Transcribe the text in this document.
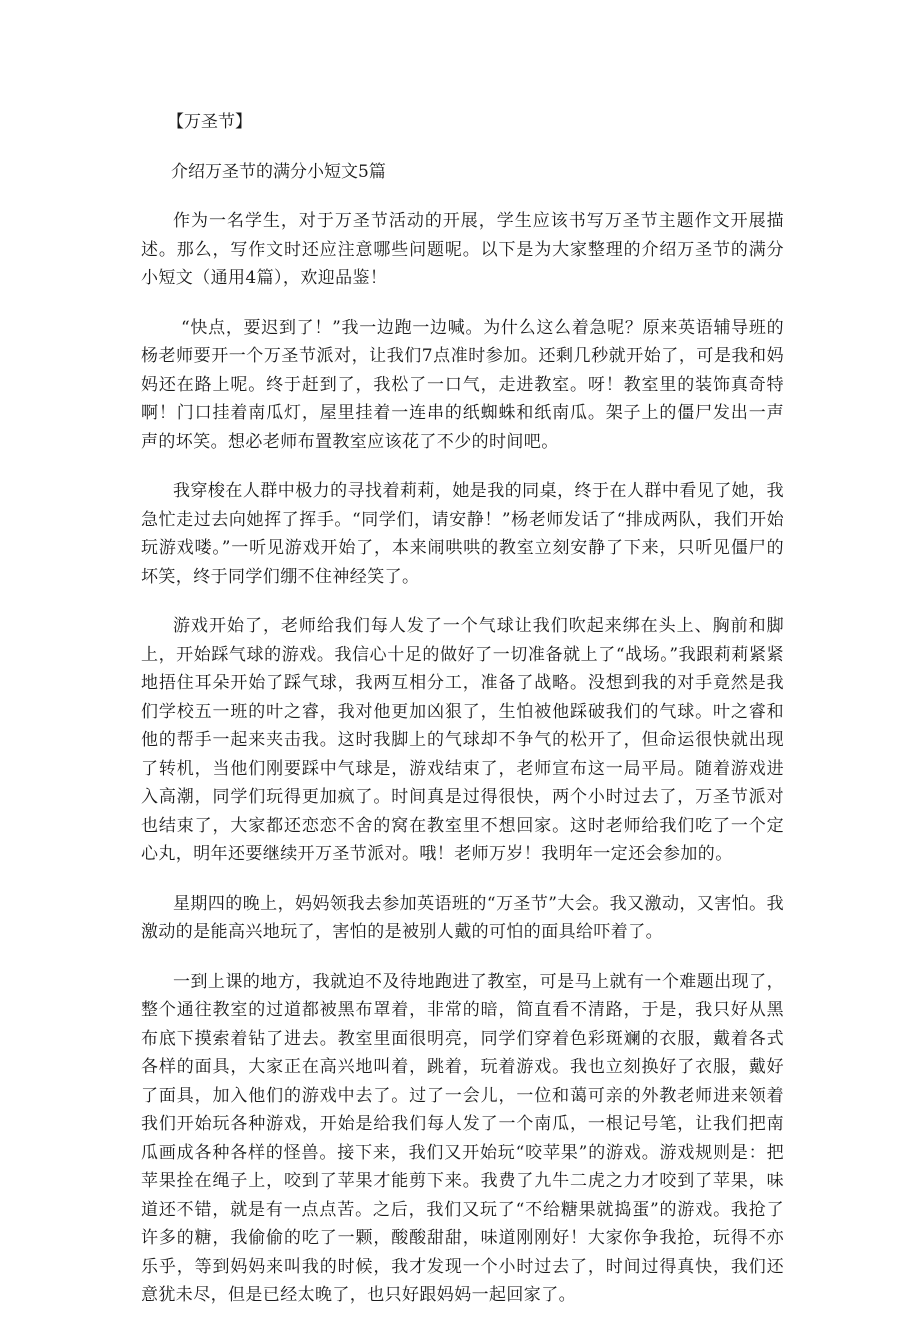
【万圣节】
介绍万圣节的满分小短文5篇

作为一名学生，对于万圣节活动的开展，学生应该书写万圣节主题作文开展描述。那么，写作文时还应注意哪些问题呢。以下是为大家整理的介绍万圣节的满分小短文（通用4篇），欢迎品鉴！

“快点，要迟到了！”我一边跑一边喊。为什么这么着急呢？原来英语辅导班的杨老师要开一个万圣节派对，让我们7点准时参加。还剩几秒就开始了，可是我和妈妈还在路上呢。终于赶到了，我松了一口气，走进教室。呀！教室里的装饰真奇特啊！门口挂着南瓜灯，屋里挂着一连串的纸蜘蛛和纸南瓜。架子上的僵尸发出一声声的坏笑。想必老师布置教室应该花了不少的时间吧。

我穿梭在人群中极力的寻找着莉莉，她是我的同桌，终于在人群中看见了她，我急忙走过去向她挥了挥手。“同学们，请安静！”杨老师发话了“排成两队，我们开始玩游戏喽。”一听见游戏开始了，本来闹哄哄的教室立刻安静了下来，只听见僵尸的坏笑，终于同学们绷不住神经笑了。

游戏开始了，老师给我们每人发了一个气球让我们吹起来绑在头上、胸前和脚上，开始踩气球的游戏。我信心十足的做好了一切准备就上了“战场。”我跟莉莉紧紧地捂住耳朵开始了踩气球，我两互相分工，准备了战略。没想到我的对手竟然是我们学校五一班的叶之睿，我对他更加凶狠了，生怕被他踩破我们的气球。叶之睿和他的帮手一起来夹击我。这时我脚上的气球却不争气的松开了，但命运很快就出现了转机，当他们刚要踩中气球是，游戏结束了，老师宣布这一局平局。随着游戏进入高潮，同学们玩得更加疯了。时间真是过得很快，两个小时过去了，万圣节派对也结束了，大家都还恋恋不舍的窝在教室里不想回家。这时老师给我们吃了一个定心丸，明年还要继续开万圣节派对。哦！老师万岁！我明年一定还会参加的。

星期四的晚上，妈妈领我去参加英语班的“万圣节”大会。我又激动，又害怕。我激动的是能高兴地玩了，害怕的是被别人戴的可怕的面具给吓着了。

一到上课的地方，我就迫不及待地跑进了教室，可是马上就有一个难题出现了，整个通往教室的过道都被黑布罩着，非常的暗，简直看不清路，于是，我只好从黑布底下摸索着钻了进去。教室里面很明亮，同学们穿着色彩斑斓的衣服，戴着各式各样的面具，大家正在高兴地叫着，跳着，玩着游戏。我也立刻换好了衣服，戴好了面具，加入他们的游戏中去了。过了一会儿，一位和蔼可亲的外教老师进来领着我们开始玩各种游戏，开始是给我们每人发了一个南瓜，一根记号笔，让我们把南瓜画成各种各样的怪兽。接下来，我们又开始玩“咬苹果”的游戏。游戏规则是：把苹果拴在绳子上，咬到了苹果才能剪下来。我费了九牛二虎之力才咬到了苹果，味道还不错，就是有一点点苦。之后，我们又玩了“不给糖果就捣蛋”的游戏。我抢了许多的糖，我偷偷的吃了一颗，酸酸甜甜，味道刚刚好！大家你争我抢，玩得不亦乐乎，等到妈妈来叫我的时候，我才发现一个小时过去了，时间过得真快，我们还意犹未尽，但是已经太晚了，也只好跟妈妈一起回家了。
